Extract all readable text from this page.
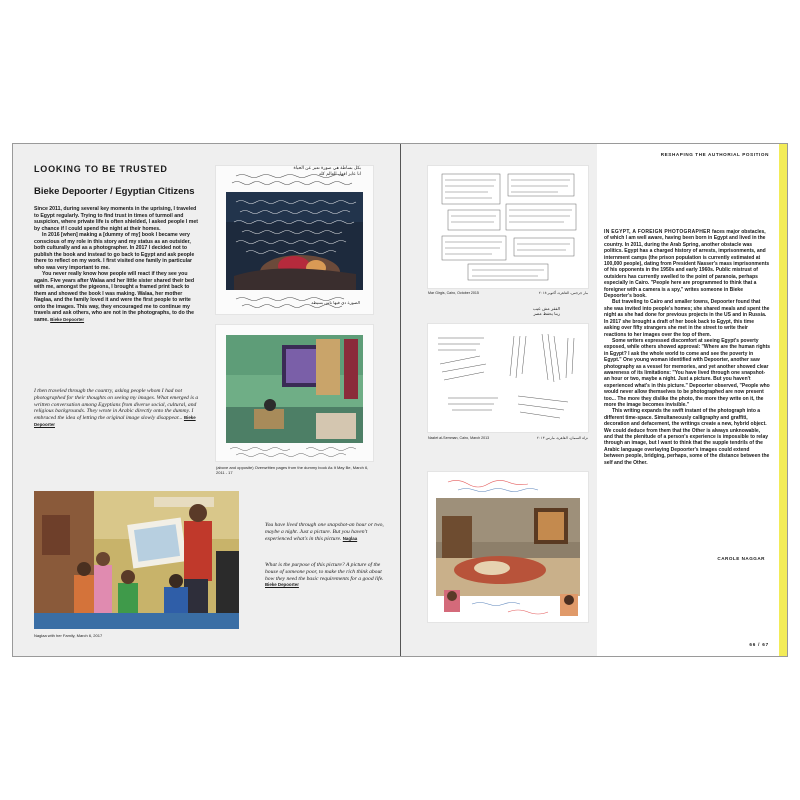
LOOKING TO BE TRUSTED
Bieke Depoorter / Egyptian Citizens

Since 2011, during several key moments in the uprising, I traveled to Egypt regularly. Trying to find trust in times of turmoil and suspicion, where private life is often shielded, I asked people I met by chance if I could spend the night at their homes.

In 2016 [when] making a [dummy of my] book I became very conscious of my role in this story and my status as an outsider, both culturally and as a photographer. In 2017 I decided not to publish the book and instead to go back to Egypt and ask people there to reflect on my work. I first visited one family in particular who was very important to me.

You never really know how people will react if they see you again. Five years after Walaa and her little sister shared their bed with me, amongst the pigeons, I brought a framed print back to them and showed the book I was making. Walaa, her mother Naglaa, and the family loved it and were the first people to write onto the images. This way, they encouraged me to continue my travels and ask others, who are not in the photographs, to do the same. Bieke Depoorter

I then traveled through the country, asking people whom I had not photographed for their thoughts on seeing my images. What emerged is a written conversation among Egyptians from diverse social, cultural, and religious backgrounds. They wrote in Arabic directly onto the dummy. I embraced the idea of letting the original image slowly disappear... Bieke Depoorter
(above and opposite) Overwritten pages from the dummy book As It May Be, March 6, 2011 - 17
Naglaa with her Family, March 6, 2017
You have lived through one snapshot-an hour or two, maybe a night. Just a picture. But you haven't experienced what's in this picture. Naglaa
What is the purpose of this picture? A picture of the house of someone poor, to make the rich think about how they need the basic requirements for a good life. Bieke Depoorter
RESHAPING THE AUTHORIAL POSITION
Mar Girgis, Cairo, October 2015	مار جرجس، القاهرة، أكتوبر ٢٠١٥
Nazlet al-Semman, Cairo, March 2013	نزلة السمان، القاهرة، مارس ٢٠١٣

IN EGYPT, A FOREIGN PHOTOGRAPHER faces major obstacles, of which I am well aware, having been born in Egypt and lived in the country. In 2011, during the Arab Spring, another obstacle was politics. Egypt has a charged history of arrests, imprisonments, and internment camps (the prison population is currently estimated at 100,000 people), dating from President Nasser's mass imprisonments of his opponents in the 1950s and early 1960s. Public mistrust of outsiders has currently swelled to the point of paranoia, perhaps especially in Cairo. "People here are programmed to think that a foreigner with a camera is a spy," writes someone in Bieke Depoorter's book.

But traveling to Cairo and smaller towns, Depoorter found that she was invited into people's homes; she shared meals and spent the night as she had done for previous projects in the US and in Russia. In 2017 she brought a draft of her book back to Egypt, this time asking over fifty strangers she met in the street to write their reactions to her images over the top of them.

Some writers expressed discomfort at seeing Egypt's poverty exposed, while others showed approval: "Where are the human rights in Egypt? I ask the whole world to come and see the poverty in Egypt." One young woman identified with Depoorter, another saw photography as a vessel for memories, and yet another showed clear awareness of its limitations: "You have lived through one snapshot-an hour or two, maybe a night. Just a picture. But you haven't experienced what's in this picture." Depoorter observed, "People who would never allow themselves to be photographed are now present too... The more they dislike the photo, the more they write on it, the more the image becomes invisible."

This writing expands the swift instant of the photograph into a different time-space. Simultaneously calligraphy and graffiti, decoration and defacement, the writings create a new, hybrid object. We could deduce from them that the Other is always unknowable, and that the plenitude of a person's experience is impossible to relay through an image, but I want to think that the supple tendrils of the Arabic language overlaying Depoorter's images could extend between people, bridging, perhaps, some of the distance between the self and the Other.

CAROLE NAGGAR
66 / 67
بكل بساطة هي صورة تعبر عن الحياة
انا عايز اقول للعالم كله
الصورة دي فيها ناس بسيطة
الفقر مش عيب
ربنا يحفظ مصر
